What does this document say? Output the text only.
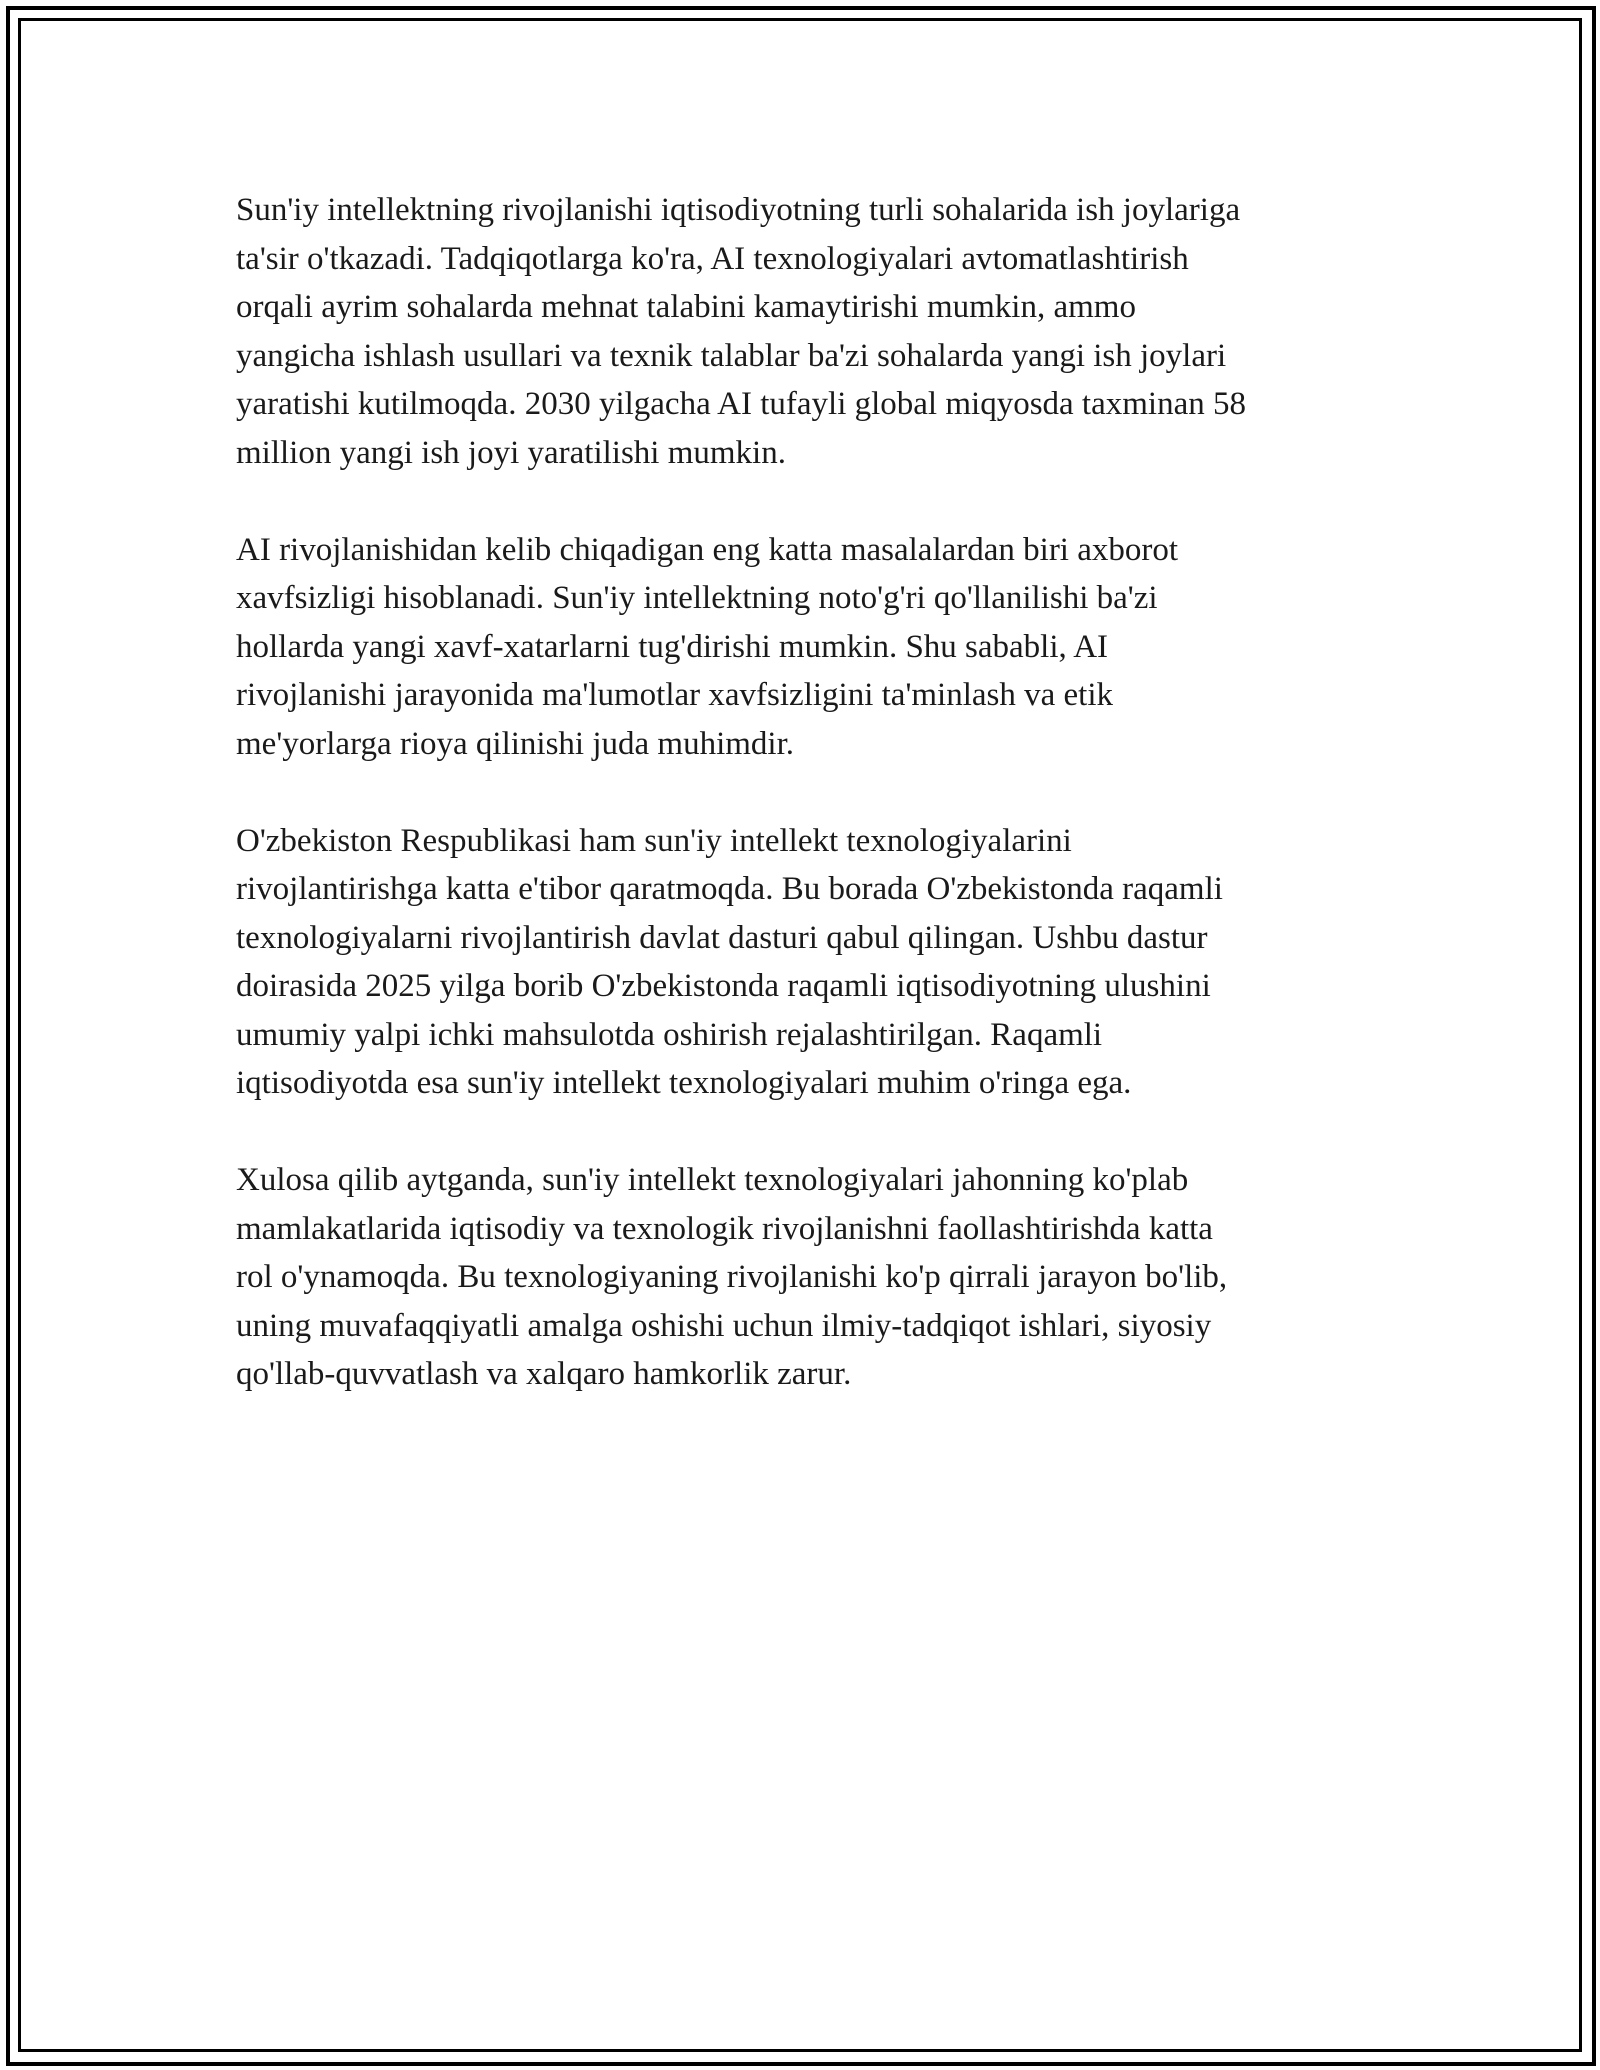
Sun'iy intellektning rivojlanishi iqtisodiyotning turli sohalarida ish joylariga
ta'sir o'tkazadi. Tadqiqotlarga ko'ra, AI texnologiyalari avtomatlashtirish
orqali ayrim sohalarda mehnat talabini kamaytirishi mumkin, ammo
yangicha ishlash usullari va texnik talablar ba'zi sohalarda yangi ish joylari
yaratishi kutilmoqda. 2030 yilgacha AI tufayli global miqyosda taxminan 58
million yangi ish joyi yaratilishi mumkin.

AI rivojlanishidan kelib chiqadigan eng katta masalalardan biri axborot
xavfsizligi hisoblanadi. Sun'iy intellektning noto'g'ri qo'llanilishi ba'zi
hollarda yangi xavf-xatarlarni tug'dirishi mumkin. Shu sababli, AI
rivojlanishi jarayonida ma'lumotlar xavfsizligini ta'minlash va etik
me'yorlarga rioya qilinishi juda muhimdir.

O'zbekiston Respublikasi ham sun'iy intellekt texnologiyalarini
rivojlantirishga katta e'tibor qaratmoqda. Bu borada O'zbekistonda raqamli
texnologiyalarni rivojlantirish davlat dasturi qabul qilingan. Ushbu dastur
doirasida 2025 yilga borib O'zbekistonda raqamli iqtisodiyotning ulushini
umumiy yalpi ichki mahsulotda oshirish rejalashtirilgan. Raqamli
iqtisodiyotda esa sun'iy intellekt texnologiyalari muhim o'ringa ega.

Xulosa qilib aytganda, sun'iy intellekt texnologiyalari jahonning ko'plab
mamlakatlarida iqtisodiy va texnologik rivojlanishni faollashtirishda katta
rol o'ynamoqda. Bu texnologiyaning rivojlanishi ko'p qirrali jarayon bo'lib,
uning muvafaqqiyatli amalga oshishi uchun ilmiy-tadqiqot ishlari, siyosiy
qo'llab-quvvatlash va xalqaro hamkorlik zarur.
